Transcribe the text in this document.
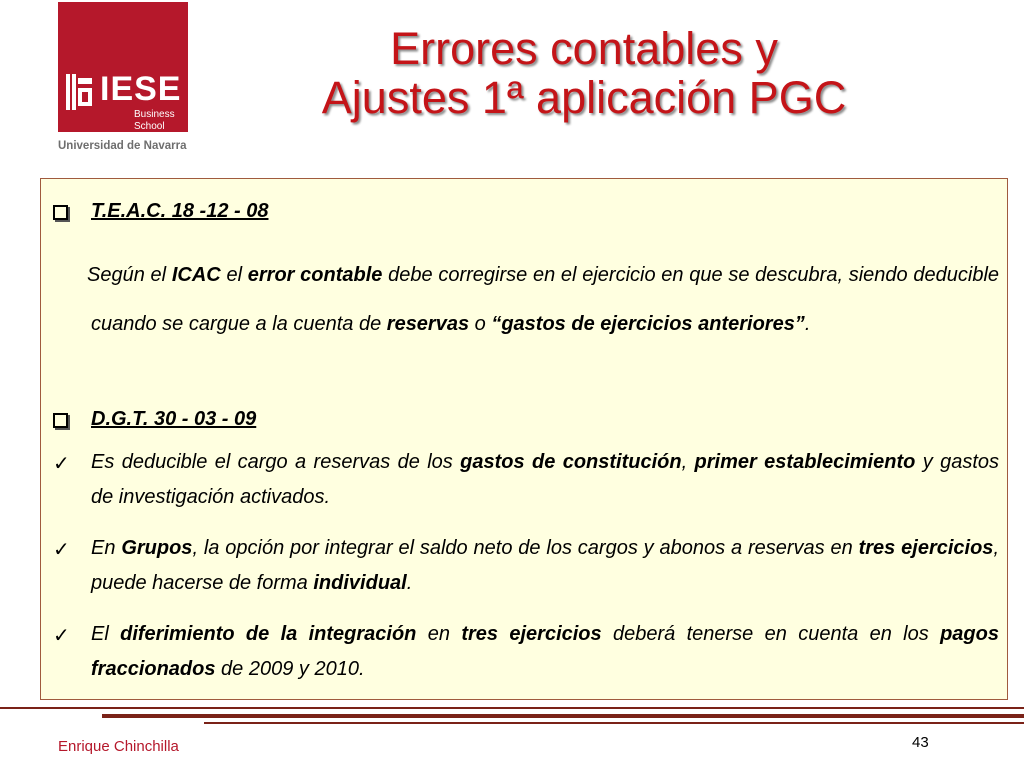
IESE
Business School
Universidad de Navarra
Errores contables y
Ajustes 1ª aplicación PGC
T.E.A.C. 18 -12 - 08
Según el ICAC el error contable debe corregirse en el ejercicio en que se descubra, siendo deducible cuando se cargue a la cuenta de reservas o “gastos de ejercicios anteriores”.
D.G.T. 30 - 03 - 09
✓ Es deducible el cargo a reservas de los gastos de constitución, primer establecimiento y gastos de investigación activados.
✓ En Grupos, la opción por integrar el saldo neto de los cargos y abonos a reservas en tres ejercicios, puede hacerse de forma individual.
✓ El diferimiento de la integración en tres ejercicios deberá tenerse en cuenta en los pagos fraccionados de 2009 y 2010.
Enrique Chinchilla	43
